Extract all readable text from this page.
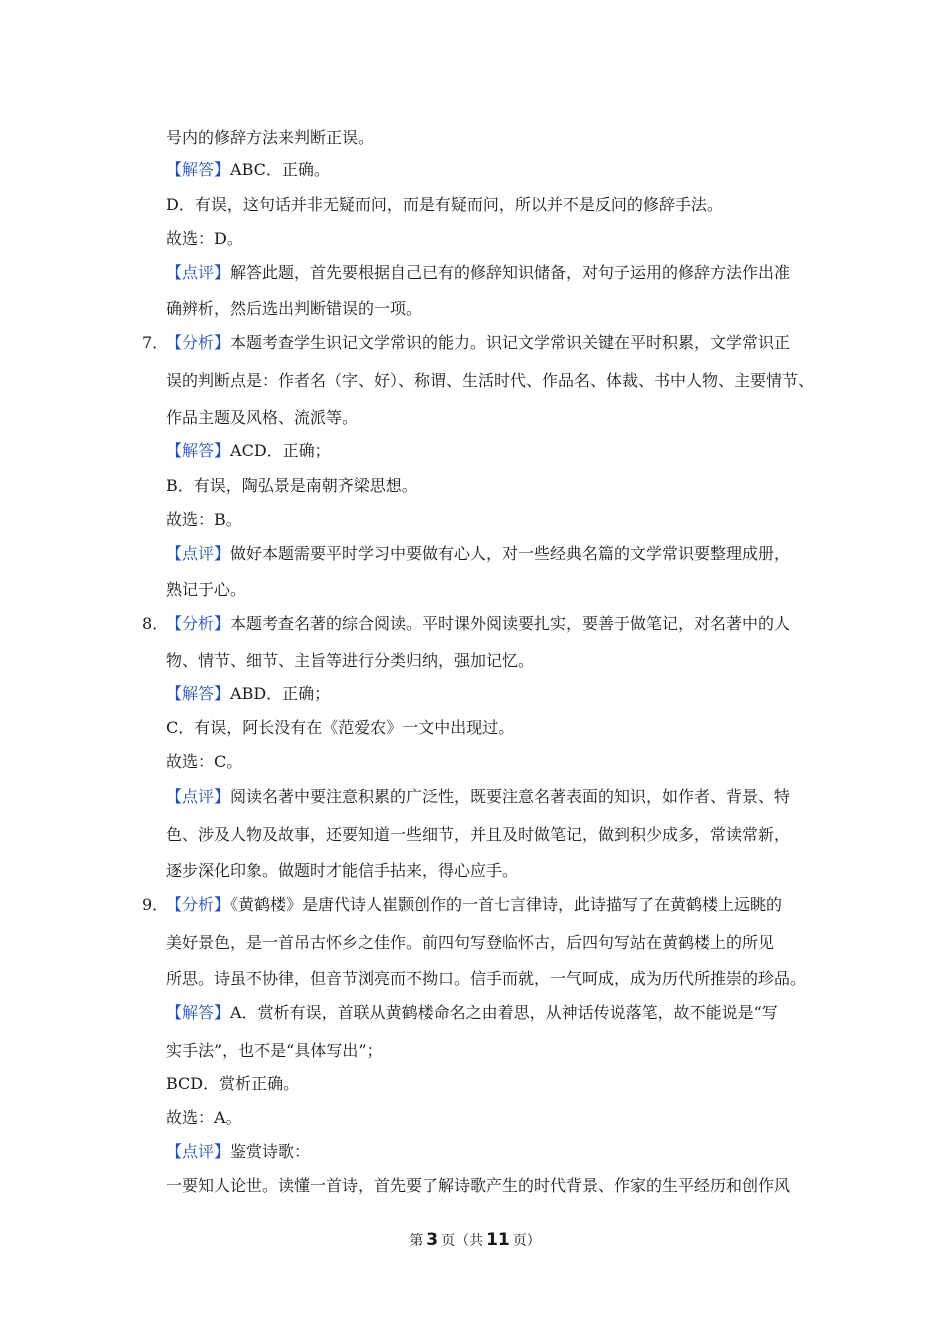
号内的修辞方法来判断正误。
【解答】ABC．正确。
D．有误，这句话并非无疑而问，而是有疑而问，所以并不是反问的修辞手法。
故选：D。
【点评】解答此题，首先要根据自己已有的修辞知识储备，对句子运用的修辞方法作出准
确辨析，然后选出判断错误的一项。
7．【分析】本题考查学生识记文学常识的能力。识记文学常识关键在平时积累，文学常识正
误的判断点是：作者名（字、好）、称谓、生活时代、作品名、体裁、书中人物、主要情节、
作品主题及风格、流派等。
【解答】ACD．正确；
B．有误，陶弘景是南朝齐梁思想。
故选：B。
【点评】做好本题需要平时学习中要做有心人，对一些经典名篇的文学常识要整理成册，
熟记于心。
8．【分析】本题考查名著的综合阅读。平时课外阅读要扎实，要善于做笔记，对名著中的人
物、情节、细节、主旨等进行分类归纳，强加记忆。
【解答】ABD．正确；
C．有误，阿长没有在《范爱农》一文中出现过。
故选：C。
【点评】阅读名著中要注意积累的广泛性，既要注意名著表面的知识，如作者、背景、特
色、涉及人物及故事，还要知道一些细节，并且及时做笔记，做到积少成多，常读常新，
逐步深化印象。做题时才能信手拈来，得心应手。
9．【分析】《黄鹤楼》是唐代诗人崔颢创作的一首七言律诗，此诗描写了在黄鹤楼上远眺的
美好景色，是一首吊古怀乡之佳作。前四句写登临怀古，后四句写站在黄鹤楼上的所见
所思。诗虽不协律，但音节浏亮而不拗口。信手而就，一气呵成，成为历代所推崇的珍品。
【解答】A．赏析有误，首联从黄鹤楼命名之由着思，从神话传说落笔，故不能说是“写
实手法”，也不是“具体写出”；
BCD．赏析正确。
故选：A。
【点评】鉴赏诗歌：
一要知人论世。读懂一首诗，首先要了解诗歌产生的时代背景、作家的生平经历和创作风
第 3 页（共 11 页）
